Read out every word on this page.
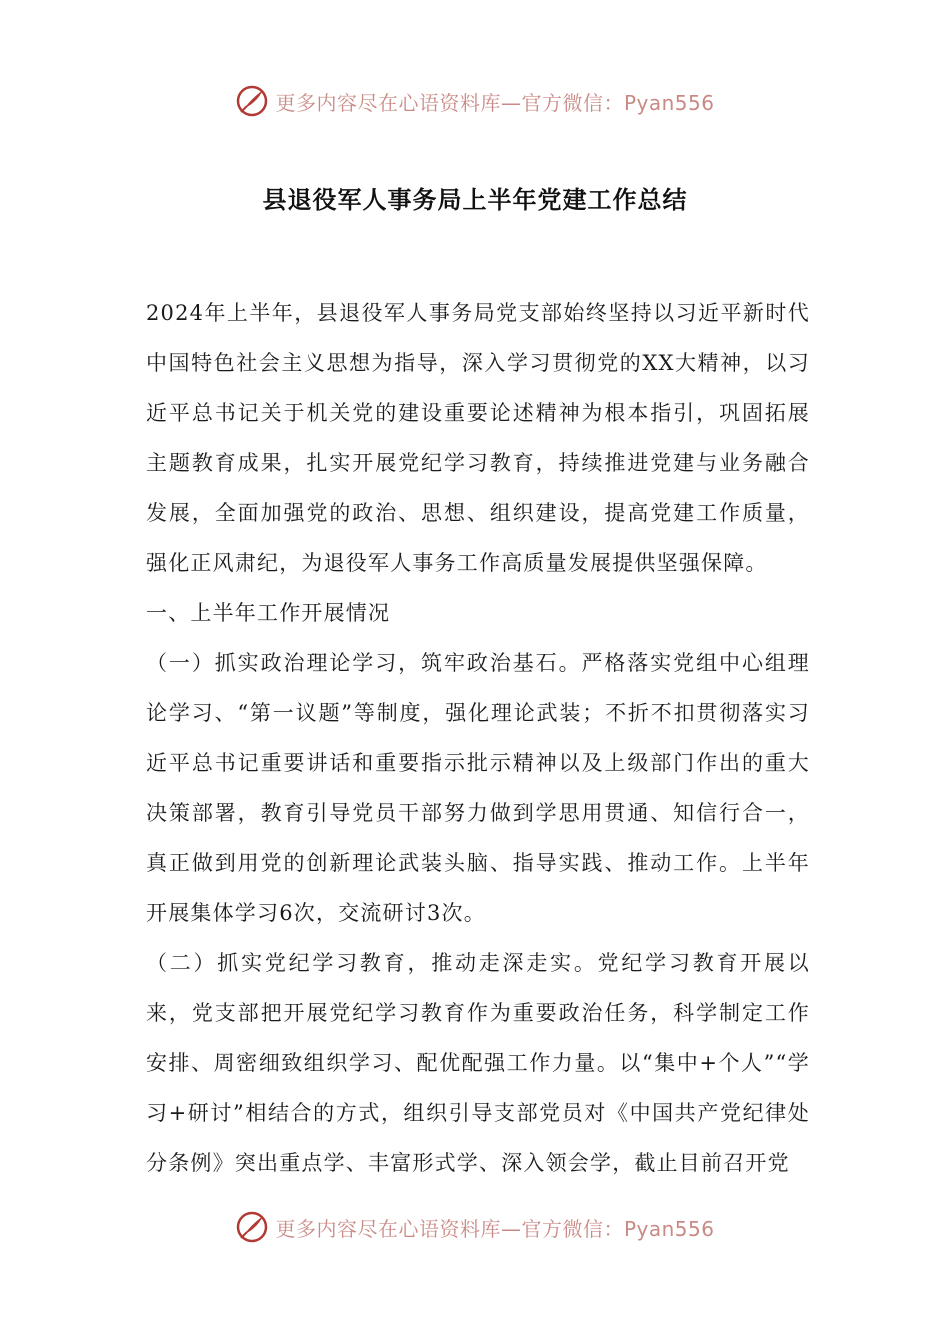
更多内容尽在心语资料库—官方微信：Pyan556
县退役军人事务局上半年党建工作总结

2024年上半年，县退役军人事务局党支部始终坚持以习近平新时代中国特色社会主义思想为指导，深入学习贯彻党的XX大精神，以习近平总书记关于机关党的建设重要论述精神为根本指引，巩固拓展主题教育成果，扎实开展党纪学习教育，持续推进党建与业务融合发展，全面加强党的政治、思想、组织建设，提高党建工作质量，强化正风肃纪，为退役军人事务工作高质量发展提供坚强保障。

一、上半年工作开展情况

（一）抓实政治理论学习，筑牢政治基石。严格落实党组中心组理论学习、“第一议题”等制度，强化理论武装；不折不扣贯彻落实习近平总书记重要讲话和重要指示批示精神以及上级部门作出的重大决策部署，教育引导党员干部努力做到学思用贯通、知信行合一，真正做到用党的创新理论武装头脑、指导实践、推动工作。上半年开展集体学习6次，交流研讨3次。

（二）抓实党纪学习教育，推动走深走实。党纪学习教育开展以来，党支部把开展党纪学习教育作为重要政治任务，科学制定工作安排、周密细致组织学习、配优配强工作力量。以“集中+个人”“学习+研讨”相结合的方式，组织引导支部党员对《中国共产党纪律处分条例》突出重点学、丰富形式学、深入领会学，截止目前召开党

更多内容尽在心语资料库—官方微信：Pyan556
